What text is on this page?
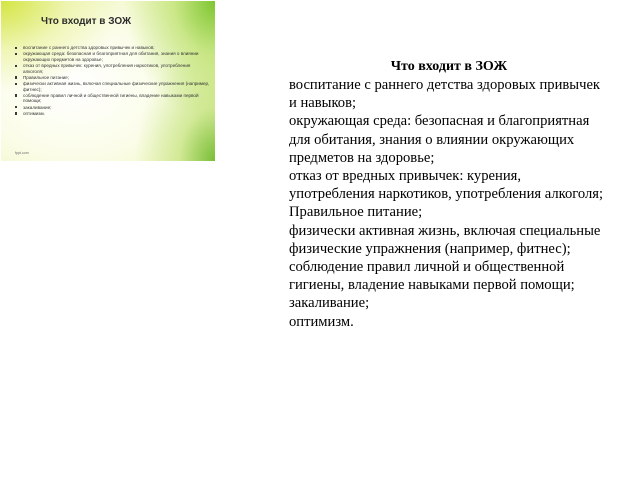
Что входит в ЗОЖ
воспитание с раннего детства здоровых привычек и навыков;
окружающая среда: безопасная и благоприятная для обитания, знания о влиянии окружающих предметов на здоровье;
отказ от вредных привычек: курения, употребления наркотиков, употребления алкоголя;
Правильное питание;
физически активная жизнь, включая специальные физические упражнения (например, фитнес);
соблюдение правил личной и общественной гигиены, владение навыками первой помощи;
закаливание;
оптимизм.
fppt.com
Что входит в ЗОЖ
воспитание с раннего детства здоровых привычек и навыков;
окружающая среда: безопасная и благоприятная для обитания, знания о влиянии окружающих предметов на здоровье;
отказ от вредных привычек: курения, употребления наркотиков, употребления алкоголя;
Правильное питание;
физически активная жизнь, включая специальные физические упражнения (например, фитнес);
соблюдение правил личной и общественной гигиены, владение навыками первой помощи;
закаливание;
оптимизм.
